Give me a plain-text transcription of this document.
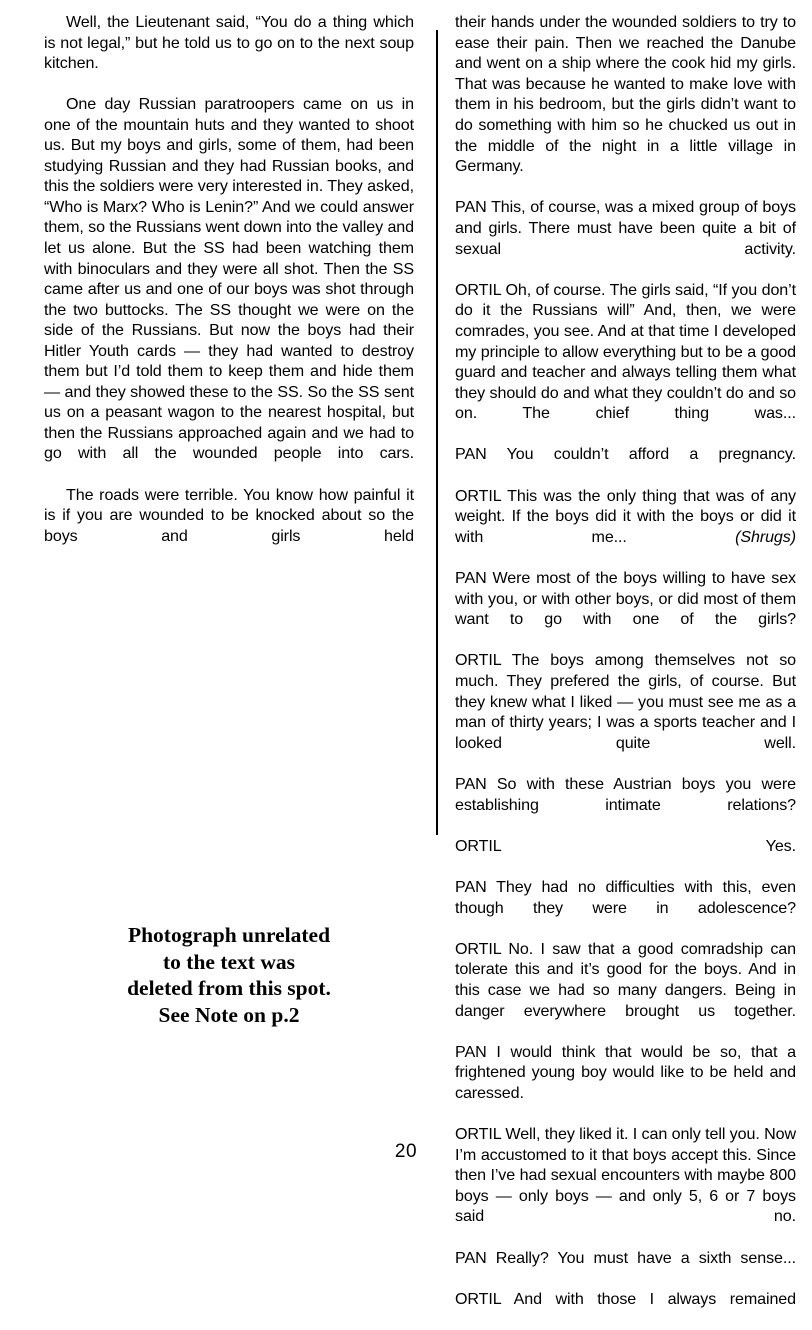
Well, the Lieutenant said, “You do a thing which is not legal,” but he told us to go on to the next soup kitchen.

One day Russian paratroopers came on us in one of the mountain huts and they wanted to shoot us. But my boys and girls, some of them, had been studying Russian and they had Russian books, and this the soldiers were very interested in. They asked, “Who is Marx? Who is Lenin?” And we could answer them, so the Russians went down into the valley and let us alone. But the SS had been watching them with binoculars and they were all shot. Then the SS came after us and one of our boys was shot through the two buttocks. The SS thought we were on the side of the Russians. But now the boys had their Hitler Youth cards — they had wanted to destroy them but I’d told them to keep them and hide them — and they showed these to the SS. So the SS sent us on a peasant wagon to the nearest hospital, but then the Russians approached again and we had to go with all the wounded people into cars.

The roads were terrible. You know how painful it is if you are wounded to be knocked about so the boys and girls held

their hands under the wounded soldiers to try to ease their pain. Then we reached the Danube and went on a ship where the cook hid my girls. That was because he wanted to make love with them in his bedroom, but the girls didn’t want to do something with him so he chucked us out in the middle of the night in a little village in Germany.

PAN This, of course, was a mixed group of boys and girls. There must have been quite a bit of sexual activity.

ORTIL Oh, of course. The girls said, “If you don’t do it the Russians will” And, then, we were comrades, you see. And at that time I developed my principle to allow everything but to be a good guard and teacher and always telling them what they should do and what they couldn’t do and so on. The chief thing was...

PAN You couldn’t afford a pregnancy.

ORTIL This was the only thing that was of any weight. If the boys did it with the boys or did it with me... (Shrugs)

PAN Were most of the boys willing to have sex with you, or with other boys, or did most of them want to go with one of the girls?

ORTIL The boys among themselves not so much. They prefered the girls, of course. But they knew what I liked — you must see me as a man of thirty years; I was a sports teacher and I looked quite well.

PAN So with these Austrian boys you were establishing intimate relations?

ORTIL Yes.

PAN They had no difficulties with this, even though they were in adolescence?

ORTIL No. I saw that a good comradship can tolerate this and it’s good for the boys. And in this case we had so many dangers. Being in danger everywhere brought us together.

PAN I would think that would be so, that a frightened young boy would like to be held and caressed.

ORTIL Well, they liked it. I can only tell you. Now I’m accustomed to it that boys accept this. Since then I’ve had sexual encounters with maybe 800 boys — only boys — and only 5, 6 or 7 boys said no.

PAN Really? You must have a sixth sense...

ORTIL And with those I always remained

Photograph unrelated
to the text was
deleted from this spot.
See Note on p.2
20
